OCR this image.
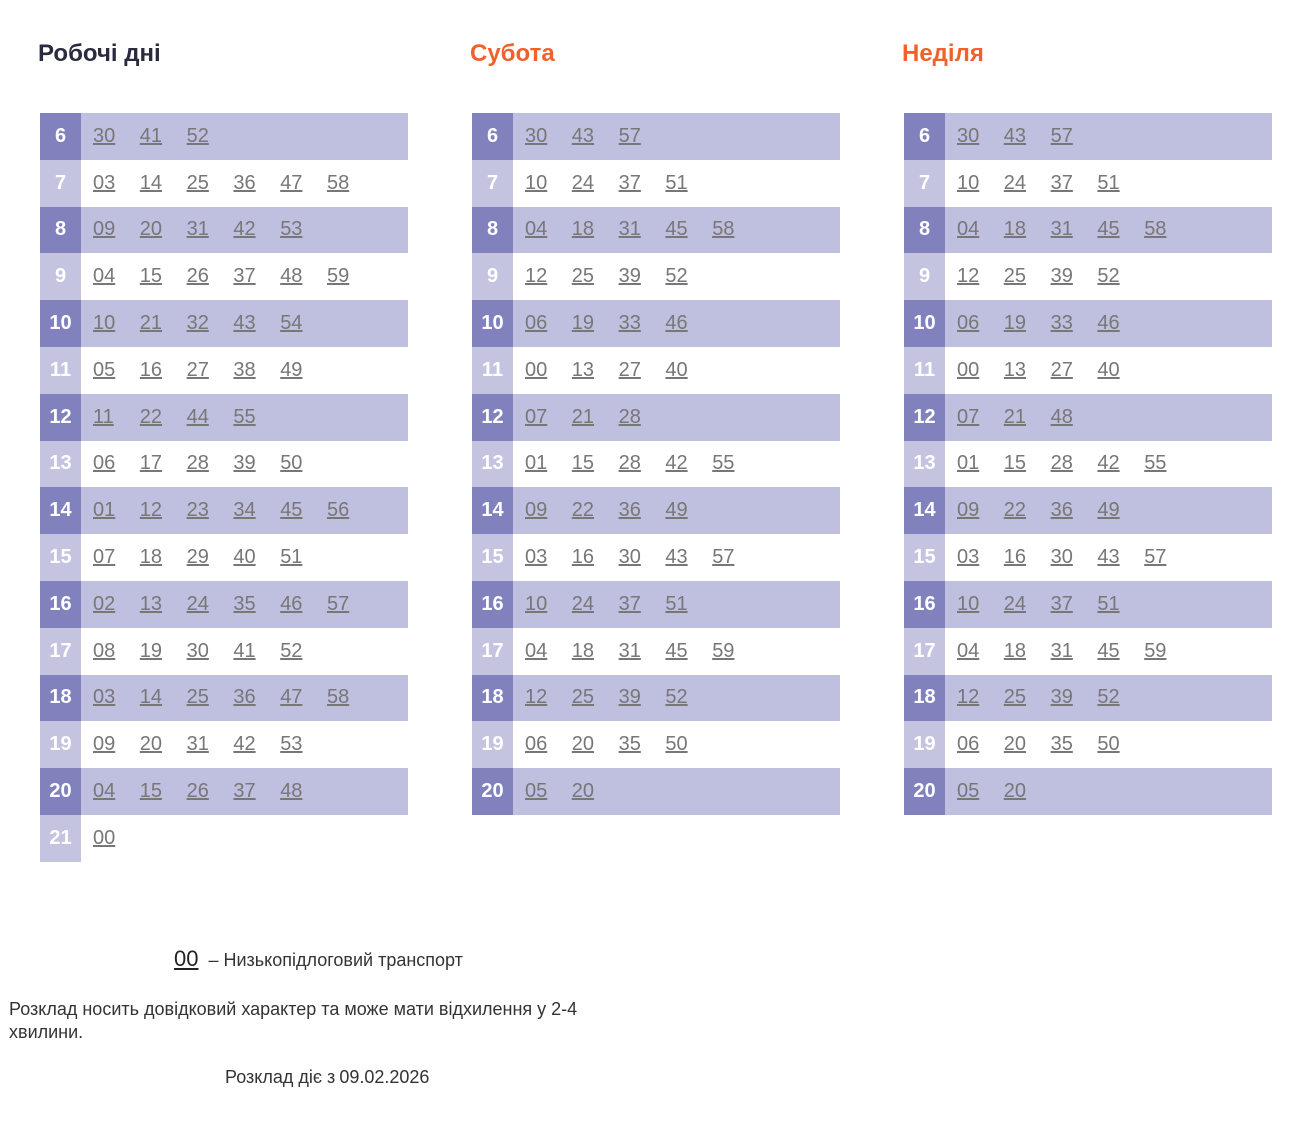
Робочі дні
6	30 41 52
7	03 14 25 36 47 58
8	09 20 31 42 53
9	04 15 26 37 48 59
10	10 21 32 43 54
11	05 16 27 38 49
12	11 22 44 55
13	06 17 28 39 50
14	01 12 23 34 45 56
15	07 18 29 40 51
16	02 13 24 35 46 57
17	08 19 30 41 52
18	03 14 25 36 47 58
19	09 20 31 42 53
20	04 15 26 37 48
21	00
Субота
6	30 43 57
7	10 24 37 51
8	04 18 31 45 58
9	12 25 39 52
10	06 19 33 46
11	00 13 27 40
12	07 21 28
13	01 15 28 42 55
14	09 22 36 49
15	03 16 30 43 57
16	10 24 37 51
17	04 18 31 45 59
18	12 25 39 52
19	06 20 35 50
20	05 20
Неділя
6	30 43 57
7	10 24 37 51
8	04 18 31 45 58
9	12 25 39 52
10	06 19 33 46
11	00 13 27 40
12	07 21 48
13	01 15 28 42 55
14	09 22 36 49
15	03 16 30 43 57
16	10 24 37 51
17	04 18 31 45 59
18	12 25 39 52
19	06 20 35 50
20	05 20
00 – Низькопідлоговий транспорт
Розклад носить довідковий характер та може мати відхилення у 2-4 хвилини.
Розклад діє з 09.02.2026
